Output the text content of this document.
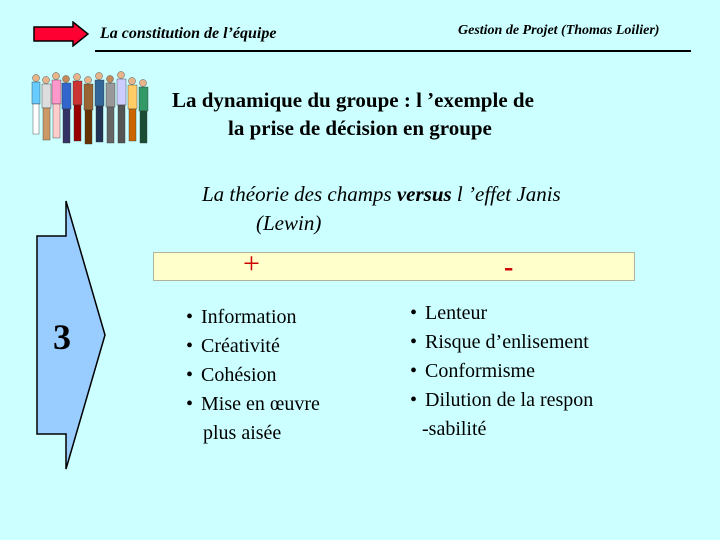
La constitution de l’équipe	Gestion de Projet (Thomas Loilier)
La dynamique du groupe : l ’exemple de
la prise de décision en groupe
La théorie des champs versus l ’effet Janis
(Lewin)
+	-
3	• Information
• Créativité
• Cohésion
• Mise en œuvre
plus aisée
• Lenteur
• Risque d’enlisement
• Conformisme
• Dilution de la respon
-sabilité
